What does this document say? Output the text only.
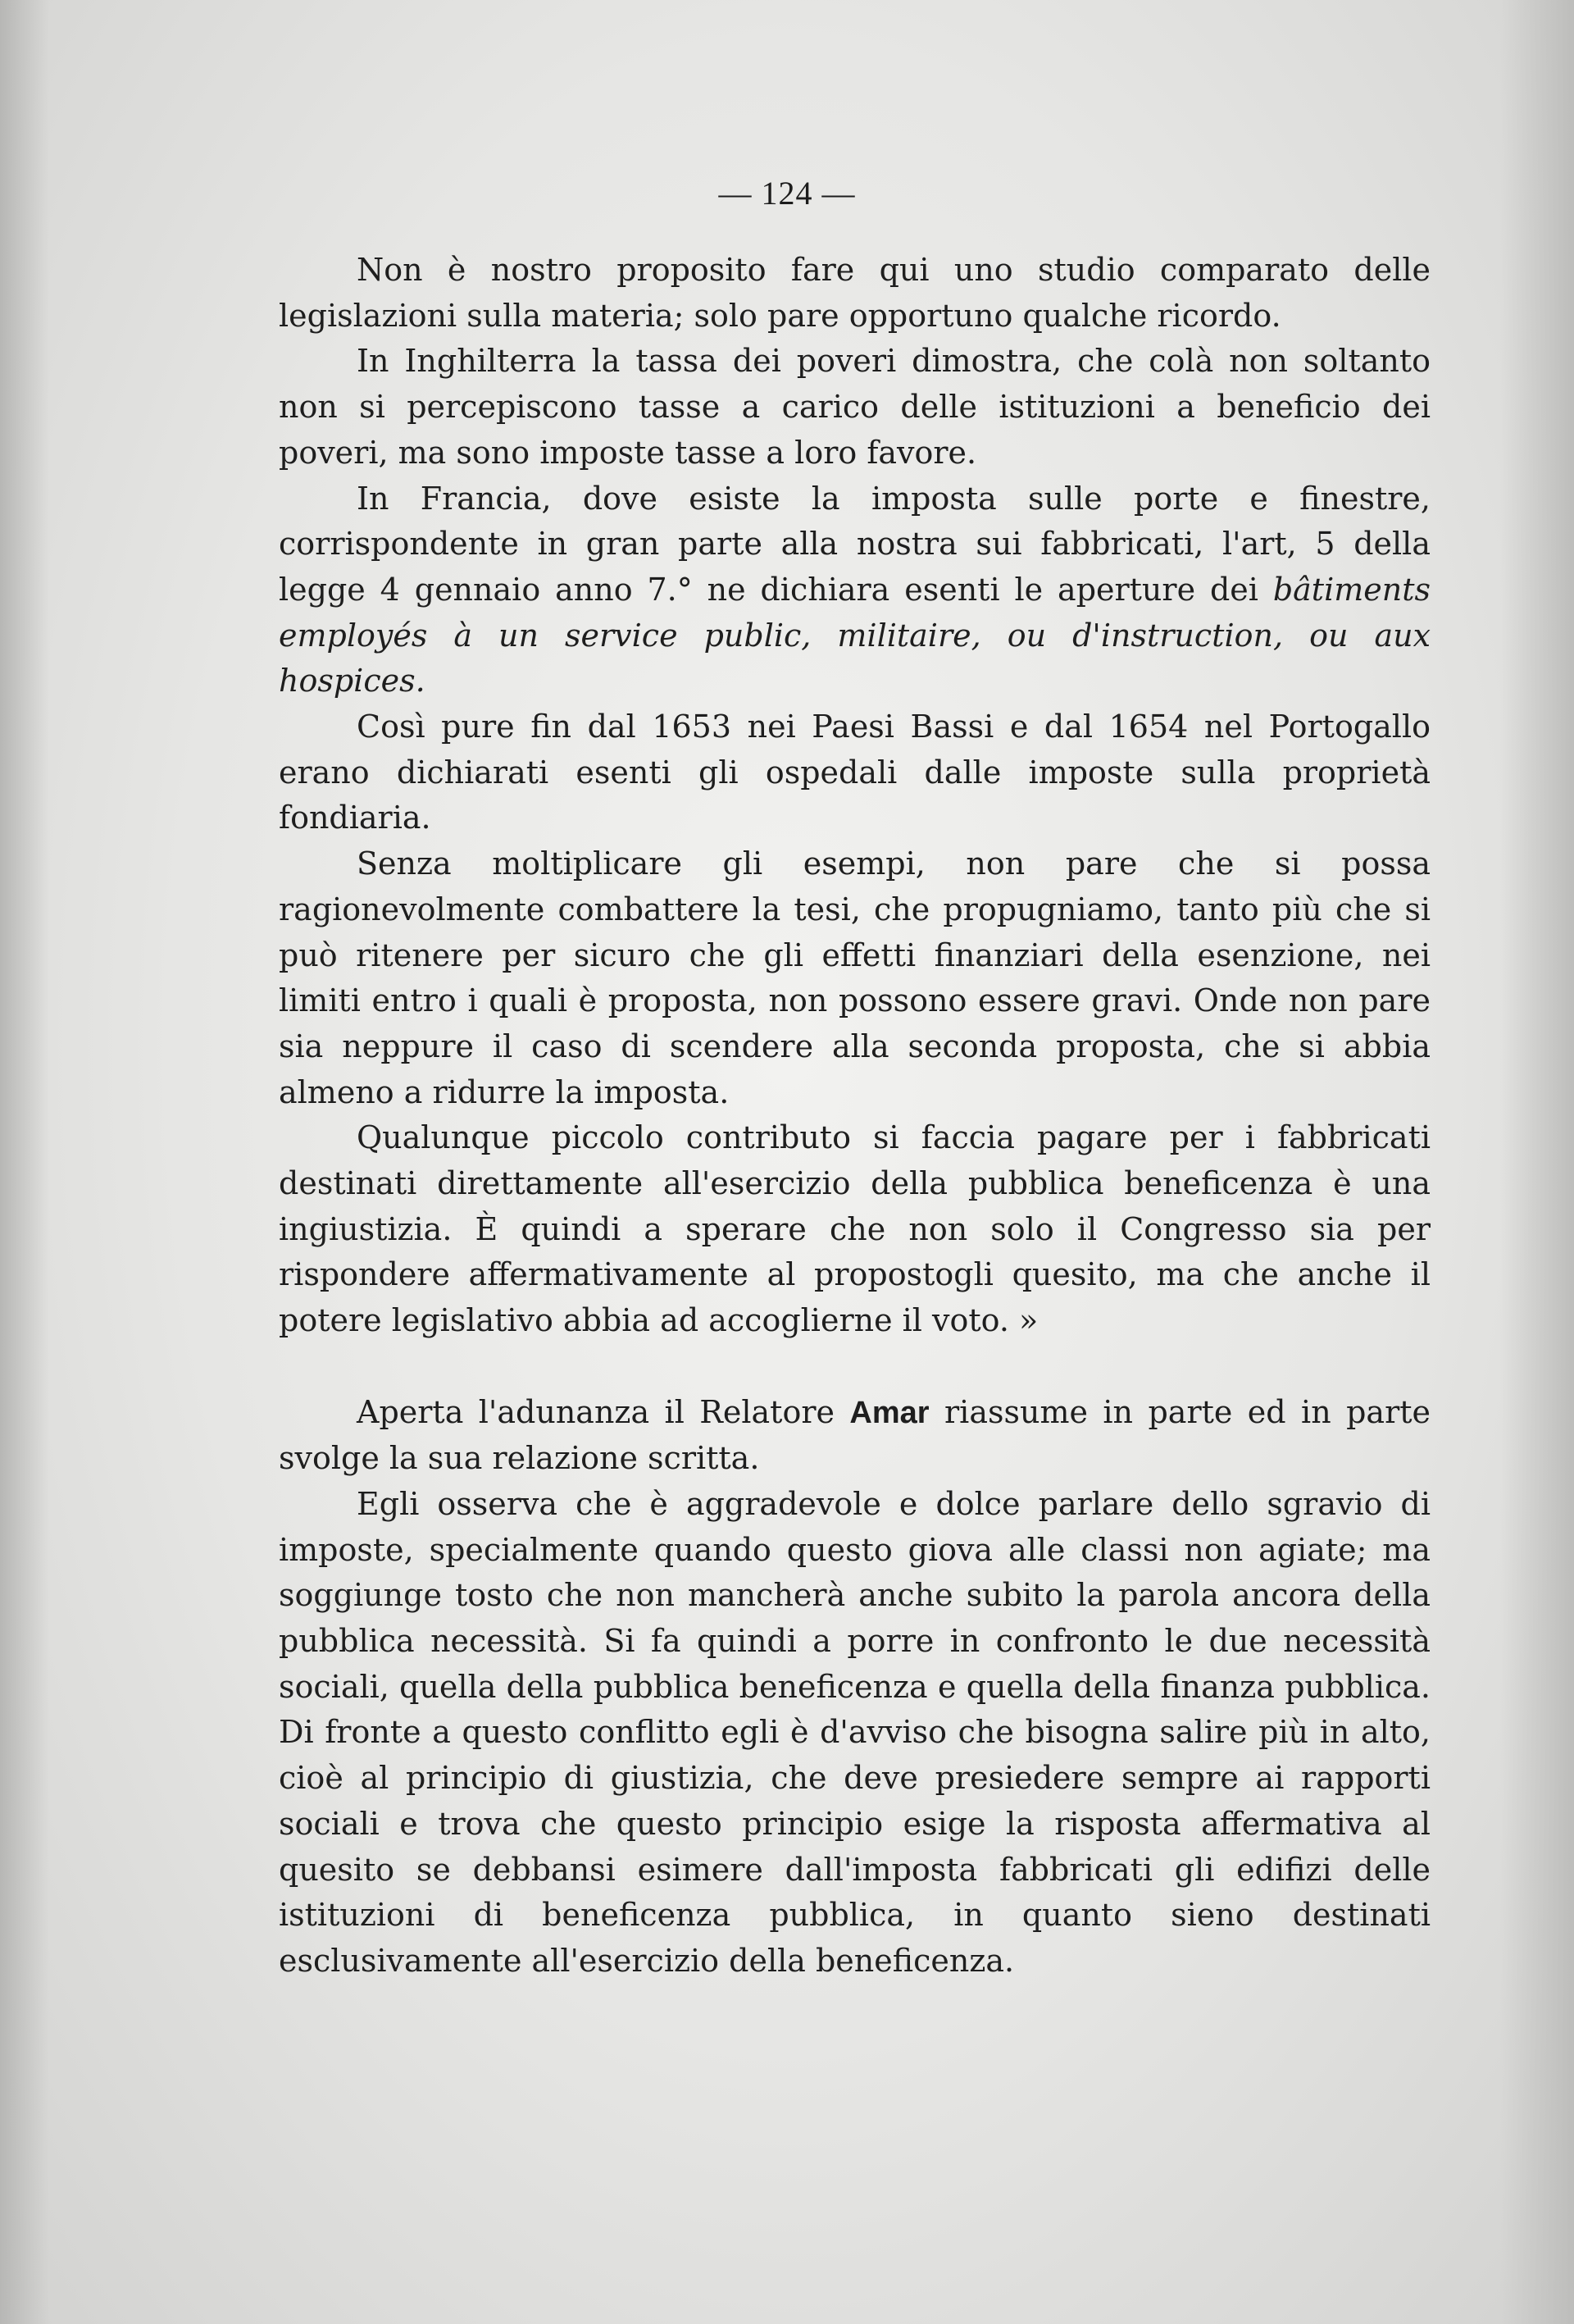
— 124 —

Non è nostro proposito fare qui uno studio comparato delle legislazioni sulla materia; solo pare opportuno qualche ricordo.

In Inghilterra la tassa dei poveri dimostra, che colà non soltanto non si percepiscono tasse a carico delle istituzioni a beneficio dei poveri, ma sono imposte tasse a loro favore.

In Francia, dove esiste la imposta sulle porte e finestre, corrispondente in gran parte alla nostra sui fabbricati, l'art, 5 della legge 4 gennaio anno 7.° ne dichiara esenti le aperture dei bâtiments employés à un service public, militaire, ou d'instruction, ou aux hospices.

Così pure fin dal 1653 nei Paesi Bassi e dal 1654 nel Portogallo erano dichiarati esenti gli ospedali dalle imposte sulla proprietà fondiaria.

Senza moltiplicare gli esempi, non pare che si possa ragionevolmente combattere la tesi, che propugniamo, tanto più che si può ritenere per sicuro che gli effetti finanziari della esenzione, nei limiti entro i quali è proposta, non possono essere gravi. Onde non pare sia neppure il caso di scendere alla seconda proposta, che si abbia almeno a ridurre la imposta.

Qualunque piccolo contributo si faccia pagare per i fabbricati destinati direttamente all'esercizio della pubblica beneficenza è una ingiustizia. È quindi a sperare che non solo il Congresso sia per rispondere affermativamente al propostogli quesito, ma che anche il potere legislativo abbia ad accoglierne il voto. »

Aperta l'adunanza il Relatore Amar riassume in parte ed in parte svolge la sua relazione scritta.

Egli osserva che è aggradevole e dolce parlare dello sgravio di imposte, specialmente quando questo giova alle classi non agiate; ma soggiunge tosto che non mancherà anche subito la parola ancora della pubblica necessità. Si fa quindi a porre in confronto le due necessità sociali, quella della pubblica beneficenza e quella della finanza pubblica. Di fronte a questo conflitto egli è d'avviso che bisogna salire più in alto, cioè al principio di giustizia, che deve presiedere sempre ai rapporti sociali e trova che questo principio esige la risposta affermativa al quesito se debbansi esimere dall'imposta fabbricati gli edifizi delle istituzioni di beneficenza pubblica, in quanto sieno destinati esclusivamente all'esercizio della beneficenza.
